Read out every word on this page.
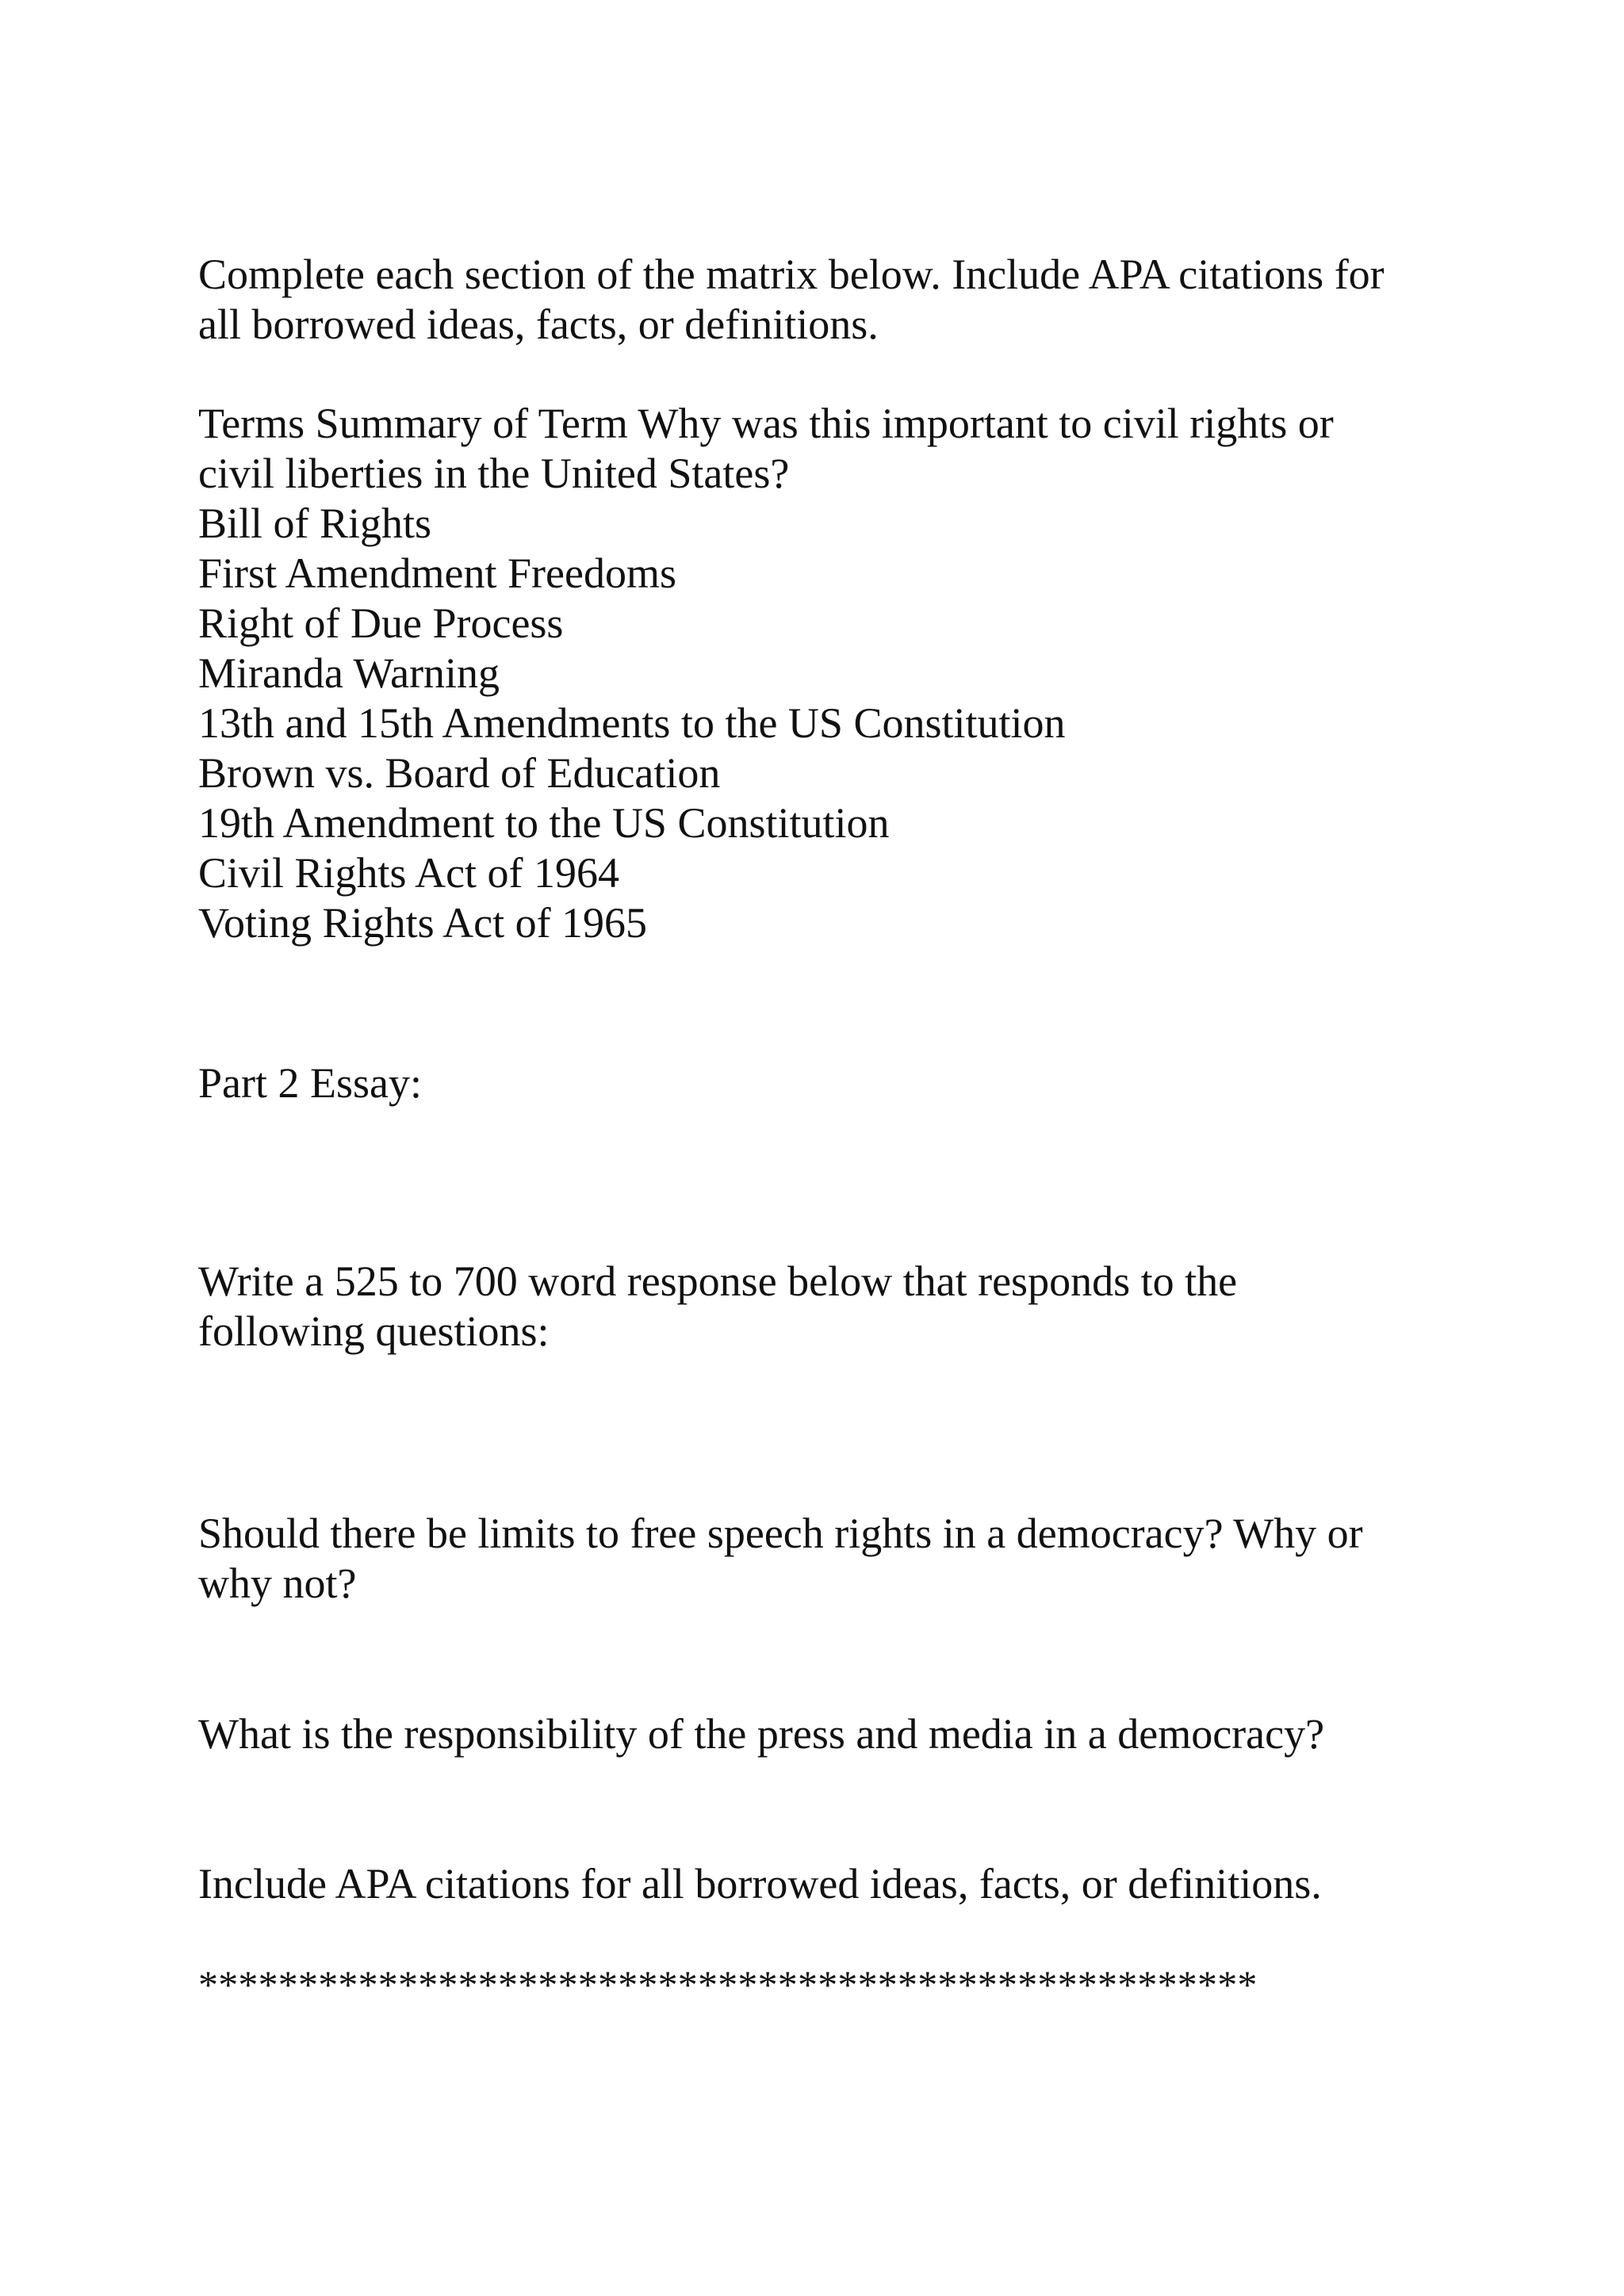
Complete each section of the matrix below. Include APA citations for
all borrowed ideas, facts, or definitions.

Terms Summary of Term Why was this important to civil rights or
civil liberties in the United States?
Bill of Rights
First Amendment Freedoms
Right of Due Process
Miranda Warning
13th and 15th Amendments to the US Constitution
Brown vs. Board of Education
19th Amendment to the US Constitution
Civil Rights Act of 1964
Voting Rights Act of 1965

Part 2 Essay:

Write a 525 to 700 word response below that responds to the
following questions:

Should there be limits to free speech rights in a democracy? Why or
why not?

What is the responsibility of the press and media in a democracy?

Include APA citations for all borrowed ideas, facts, or definitions.

*****************************************************
